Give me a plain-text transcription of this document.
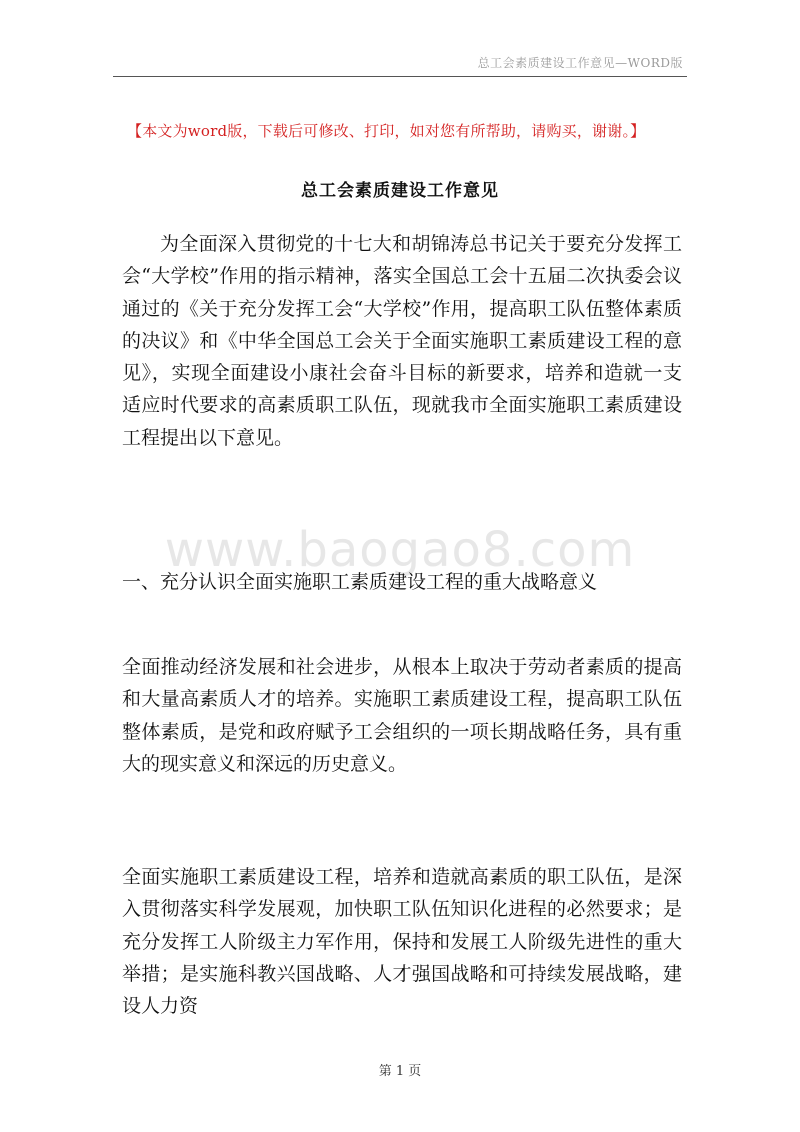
总工会素质建设工作意见—WORD版
【本文为word版，下载后可修改、打印，如对您有所帮助，请购买，谢谢。】
总工会素质建设工作意见

为全面深入贯彻党的十七大和胡锦涛总书记关于要充分发挥工会“大学校”作用的指示精神，落实全国总工会十五届二次执委会议通过的《关于充分发挥工会“大学校”作用，提高职工队伍整体素质的决议》和《中华全国总工会关于全面实施职工素质建设工程的意见》，实现全面建设小康社会奋斗目标的新要求，培养和造就一支适应时代要求的高素质职工队伍，现就我市全面实施职工素质建设工程提出以下意见。

www.baogao8.com

一、充分认识全面实施职工素质建设工程的重大战略意义

全面推动经济发展和社会进步，从根本上取决于劳动者素质的提高和大量高素质人才的培养。实施职工素质建设工程，提高职工队伍整体素质，是党和政府赋予工会组织的一项长期战略任务，具有重大的现实意义和深远的历史意义。

全面实施职工素质建设工程，培养和造就高素质的职工队伍，是深入贯彻落实科学发展观，加快职工队伍知识化进程的必然要求；是充分发挥工人阶级主力军作用，保持和发展工人阶级先进性的重大举措；是实施科教兴国战略、人才强国战略和可持续发展战略，建设人力资

第 1 页
